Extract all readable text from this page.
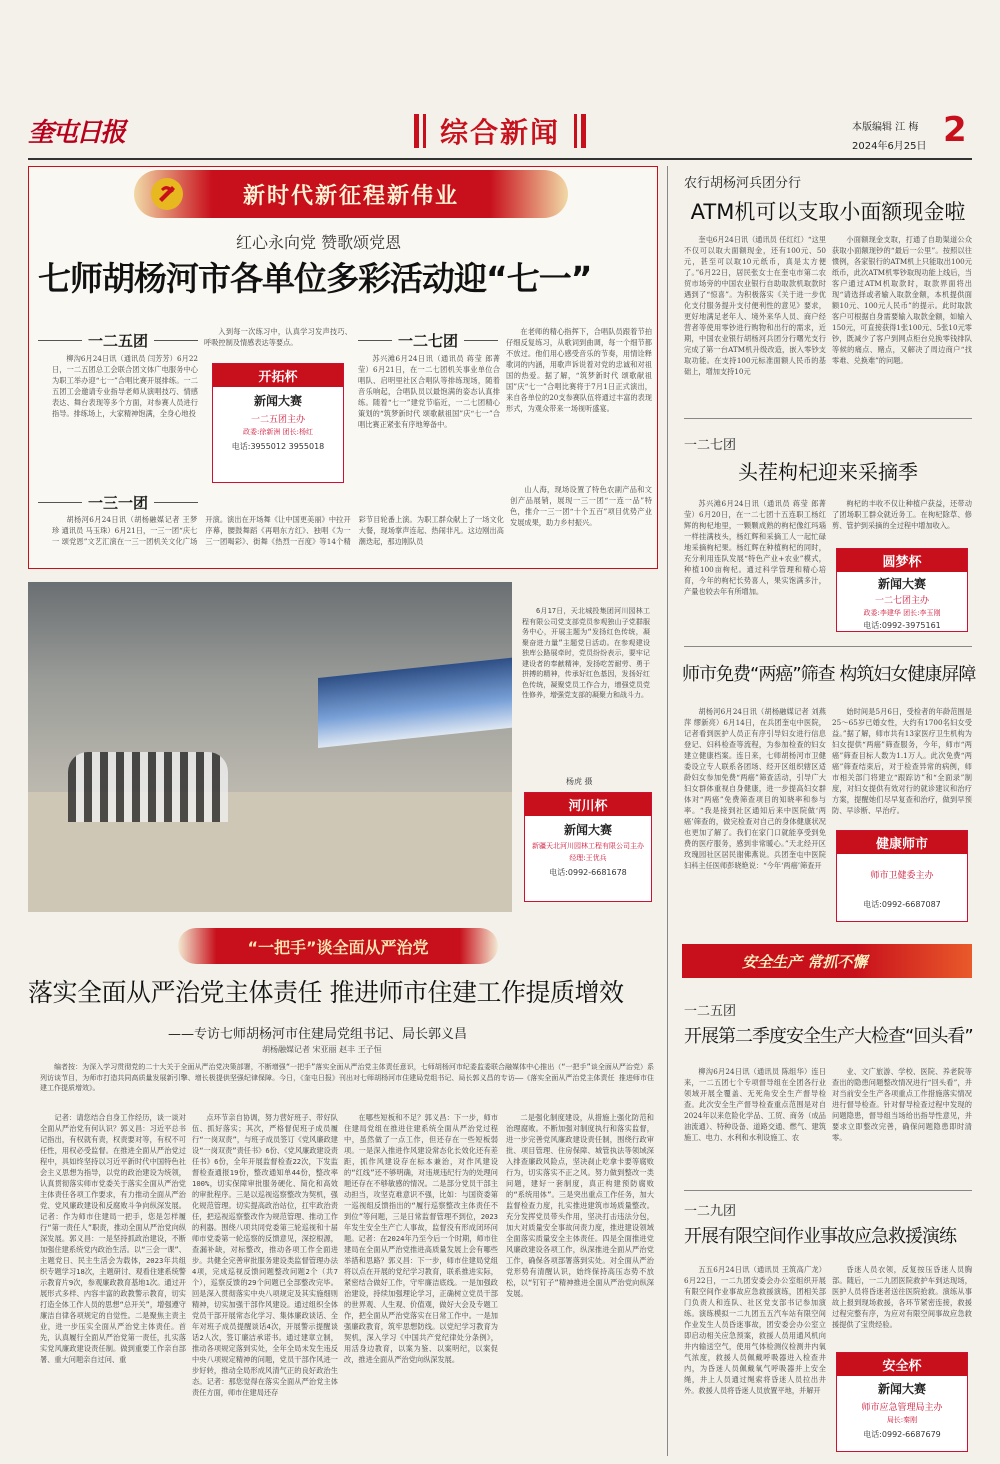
奎屯日报	综合新闻	本版编辑 江 梅
2024年6月25日 2
新时代新征程新伟业
红心永向党 赞歌颂党恩
七师胡杨河市各单位多彩活动迎“七一”
一二五团
柳沟6月24日讯（通讯员 闫芳芳）6月22日，一二五团总工会联合团文体广电服务中心为职工举办迎“七一”合唱比赛开展排练。一二五团工会邀请专业指导老师从演唱技巧、情感表达、舞台表现等多个方面，对参赛人员进行指导。排练场上，大家精神饱满，全身心地投
入到每一次练习中，认真学习发声技巧、呼吸控制及情感表达等要点。
开拓杯
新闻大赛
一二五团主办
政委:徐新洲 团长:杨红
电话:3955012 3955018
一二七团
苏兴滩6月24日讯（通讯员 蒋莹 郎菁莹）6月21日，在一二七团机关事业单位合唱队、启明里社区合唱队等排练现场，随着音乐响起，合唱队员以最饱满的姿态认真排练。随着“七一”建党节临近，一二七团精心策划的“筑梦新时代 颂歌献祖国”庆“七一”合唱比赛正紧张有序地筹备中。
在老师的精心指挥下，合唱队员跟着节拍仔细反复练习，从歌词到曲调，每一个细节都不放过。他们用心感受音乐的节奏，用情诠释歌词的内涵，用歌声诉说着对党的忠诚和对祖国的热爱。据了解，“筑梦新时代 颂歌献祖国”庆“七一”合唱比赛将于7月1日正式演出，来自各单位的20支参赛队伍将通过丰富的表现形式，为观众带来一场视听盛宴。
一三一团
胡杨河6月24日讯（胡杨融媒记者 王梦珍 通讯员 马玉珠）6月21日，一三一团“庆七一 颂党恩”文艺汇演在一三一团机关文化广场开演。演出在开场舞《让中国更美丽》中拉开序幕，腰鼓舞蹈《再唱东方红》、独唱《为一三一团喝彩》、街舞《热烈一百度》等14个精彩节目轮番上演。为职工群众献上了一场文化大餐，现场掌声连起、热闹非凡。这边刚出高潮迭起，那边刚队员
山人海，现场设置了特色农副产品和文创产品展销，展现一三一团“一连一品”特色，推介一三一团“十个五百”项目优势产业发展成果，助力乡村振兴。
6月17日，天北城投集团河川园林工程有限公司党支部党员参观独山子党群服务中心，开展主题为“发扬红色传统，凝聚奋进力量”主题党日活动。在参观建设独库公路展牵时，党员纷纷表示，要牢记建设者的奉献精神，发扬吃苦耐劳、勇于拼搏的精神，传承好红色基因，发扬好红色传统，凝聚党员工作合力，增强党员党性修养，增强党支部的凝聚力和战斗力。
杨虎 摄
河川杯
新闻大赛
新疆天北河川园林工程有限公司主办
经理:王优兵
电话:0992-6681678
“一把手”谈全面从严治党
落实全面从严治党主体责任 推进师市住建工作提质增效
——专访七师胡杨河市住建局党组书记、局长郭义昌
胡杨融媒记者 宋亚丽 赵丰 王子恒
编者按：为深入学习贯彻党的二十大关于全面从严治党决策部署，不断增强“一把手”落实全面从严治党主体责任意识，七师胡杨河市纪委监委联合融媒体中心推出（“一把手”谈全面从严治党）系列访谈节目，为师市打造共同高质量发展新引擎、增长极提供坚强纪律保障。今日，《奎屯日报》刊出对七师胡杨河市住建局党组书记、局长郭义昌的专访——《落实全面从严治党主体责任 推进师市住建工作提质增效》。
记者：请您结合自身工作经历，谈一谈对全面从严治党有何认识？郭义昌：习近平总书记指出，有权就有责，权责要对等，有权不可任性，用权必受监督。在推进全面从严治党过程中，具如终坚持以习近平新时代中国特色社会主义思想为指导，以党的政治建设为统领，认真贯彻落实师市党委关于落实全面从严治党主体责任各项工作要求，有力推动全面从严治党、党风廉政建设和反腐败斗争向纵深发展。记者：作为师市住建局一把手，您是怎样履行“第一责任人”职责，推动全面从严治党向纵深发展。郭义昌：一是坚持抓政治建设，不断加强住建系统党内政治生活。以“三会一课”、主题党日、民主生活会为载体，2023年共组织专题学习18次，主题研讨、观看住建系统警示教育片9次，参观廉政教育基地1次。通过开展形式多样、内容丰富的政教警示教育，切实打造全体工作人员的思想“总开关”，增强遵守廉洁自律各项规定的自觉性。二是聚焦主责主业，进一步压实全面从严治党主体责任。首先，认真履行全面从严治党第一责任，扎实落实党风廉政建设责任制。做到重要工作亲自部署、重大问题亲自过问、重
点环节亲自协调，努力营好班子、带好队伍、抓好落实；其次，严格督促班子成员履行“一岗双责”，与班子成员签订《党风廉政建设“一岗双责”责任书》6份、《党风廉政建设责任书》6份，全年开展监督检查22次，下发监督检查通报19份，整改通知单44份，整改率100%，切实保障审批服务硬化、简化和高效的审批程序。三是以巡视巡察整改为契机，强化规范管理。切实提高政治站位，扛牢政治责任，把巡视巡察整改作为规范管理、推动工作的利器。围绕八项共同党委第三轮巡视和十届师市党委第一轮巡察的反馈意见，深挖根源，查漏补缺，对标整改，推动各项工作全面进步。共健全完善审批服务建设类监督管理办法4项，完成巡视反馈问题整改问题2个（共7个），巡察反馈的29个问题已全部整改完毕。回是深入贯彻落实中央八项规定及其实施细则精神，切实加强干部作风建设。通过组织全体党员干部开展常态化学习、集体廉政谈话、全年对班子成员提醒谈话4次，开展警示提醒谈话2人次，签订廉洁承诺书。通过建章立制，推动各项规定落到实处，全年全局未发生违反中央八项规定精神的问题，党员干部作风进一步好转，推动全局形成风清气正的良好政治生态。记者：那您觉得在落实全面从严治党主体责任方面，师市住建局还存
在哪些短板和不足？郭义昌：下一步，师市住建局党组在推进住建系统全面从严治党过程中，虽然做了一点工作，但还存在一些短板弱项。一是深入推进作风建设常态化长效化还有差距，抓作风建设存在标本兼治，对作风建设的“红线”还不够明确，对违规违纪行为的处理问题还存在不够敏感的情况。二是部分党员干部主动担当，攻坚克难意识不强，比如：与国资委第一巡视组反馈指出的“履行巡察整改主体责任不到位”等问题，三是日常监督管理不到位，2023年发生安全生产亡人事故，监督没有形成闭环问题。记者：在2024年乃至今后一个时期，师市住建局在全面从严治党推进高质量发展上会有哪些举措和思路？郭义昌：下一步，师市住建局党组将以点在开展的党纪学习教育，联系推进实际，紧密结合做好工作，守牢廉洁底线。一是加强政治建设，持续加强理论学习，正确树立党员干部的世界观、人生观、价值观，做好大会及专题工作，把全面从严治党落实在日常工作中。一是加强廉政教育，筑牢思想防线。以党纪学习教育为契机，深入学习《中国共产党纪律处分条例》，用活身边教育，以案为鉴、以案明纪，以案促改，推进全面从严治党向纵深发展。
二是强化制度建设，从措施上强化防范和治理腐败。不断加强对制度执行和落实监督，进一步完善党风廉政建设责任制，围绕行政审批、项目管理、住房保障、城管执法等领域深入排查廉政风险点，坚决刹止吃拿卡要等腐败行为，切实落实不正之风。努力做到整改一类问题，建好一套制度，真正构建预防腐败的“系统用体”。三是突出重点工作任务，加大监督检查力度，扎实推进建筑市场质量整改。充分发挥党员带头作用，坚决打击违法分包，加大对质量安全事故问责力度，推进建设领域全面落实质量安全主体责任。四是全面推进党风廉政建设各项工作，纵深推进全面从严治党工作，确保各项部署落到实处。对全面从严治党形势有清醒认识，始终保持高压态势不放松，以“钉钉子”精神推进全面从严治党向纵深发展。
农行胡杨河兵团分行
ATM机可以支取小面额现金啦
奎屯6月24日讯（通讯员 任红红）“这里不仅可以取大面额现金，还有100元、50元，甚至可以取10元纸币，真是太方便了。”6月22日，居民张女士在奎屯市第二农贸市场旁的中国农业银行自助取款机取款时遇到了“惊喜”。为积极落实《关于进一步优化支付服务提升支付便利性的意见》要求，更好地满足老年人、境外来华人员、商户经营者等使用零钞进行购物和出行的需求，近期，中国农业银行胡杨河兵团分行曙光支行完成了第一台ATM机升级改造，嵌入零钞支取功能。在支持100元标准面额人民币的基础上，增加支持10元
小面额现金支取，打通了自助渠道公众获取小面额现钞的“最后一公里”。按照以往惯例，各家银行的ATM机上只能取出100元纸币，此次ATM机零钞取现功能上线后，当客户通过ATM机取款时，取款界面将出现“请选择或者输入取款金额，本机提供面额10元、100元人民币”的提示。此时取款客户可根据自身需要输入取款金额，如输入150元，可直接获得1张100元、5张10元零钞，既减少了客户到网点柜台兑换零钱排队等候的痛点、赌点，又解决了周边商户“找零难、兑换难”的问题。
一二七团
头茬枸杞迎来采摘季
苏兴滩6月24日讯（通讯员 蒋莹 郎菁莹）6月20日，在一二七团十五连职工杨红辉的枸杞地里，一颗颗成熟的枸杞像红玛瑙一样挂满枝头，杨红辉和采摘工人一起忙碌地采摘枸杞果。杨红辉在种植枸杞的同时，充分利用连队发展“特色产业+农业”模式，种植100亩枸杞。通过科学管理和精心培育，今年的枸杞长势喜人，果实饱满多汁，产量也较去年有所增加。
枸杞的丰收不仅让种植户获益，还带动了团场职工群众就近务工。在枸杞除草、修剪、管护到采摘的全过程中增加收入。
圆梦杯
新闻大赛
一二七团主办
政委:李建华 团长:李玉刚
电话:0992-3975161
师市免费“两癌”筛查 构筑妇女健康屏障
胡杨河6月24日讯（胡杨融媒记者 刘燕萍 缪新亮）6月14日，在兵团奎屯中医院，记者看到医护人员正有序引导妇女进行信息登记、妇科检查等流程，为参加检查的妇女建立健康档案。连日来，七师胡杨河市卫健委设立专人联系各团场、经开区组织辖区适龄妇女参加免费“两癌”筛查活动，引导广大妇女群体重视自身健康，进一步提高妇女群体对“两癌”免费筛查项目的知晓率和参与率。“我是接到社区通知后来中医院做‘两癌’筛查的，做完检查对自己的身体健康状况也更加了解了。我们在家门口就能享受到免费的医疗服务，感到非常暖心。”天北经开区玫瑰园社区居民谢佛燕说。兵团奎屯中医院妇科主任医师彭晓艳说：“今年‘两癌’筛查开
始时间是5月6日，受检者的年龄范围是25～65岁已婚女性，大约有1700名妇女受益。”据了解，师市共有13家医疗卫生机构为妇女提供“两癌”筛查服务，今年，师市“两癌”筛查目标人数为1.1万人。此次免费“两癌”筛查结束后，对于检查异常的病例，师市相关部门将建立“跟踪访”和“全面录”制度，对妇女提供有效对行的就诊建议和治疗方案，提醒她们尽早复查和治疗，做到早预防、早诊断、早治疗。
健康师市
师市卫健委主办
电话:0992-6687087
安全生产 常抓不懈
一二五团
开展第二季度安全生产大检查“回头看”
柳沟6月24日讯（通讯员 陈组华）连日来，一二五团七个专项督导组在全团各行业领域开展全覆盖、无死角安全生产督导检查。此次安全生产督导检查重点范围是对自2024年以来危险化学品、工贸、商务（成品油流通）、特种设备、道路交通、燃气、建筑施工、电力、水利和水利设施工、农
业、文广旅游、学校、医院、养老院等查出的隐患问题整改情况进行“回头看”，并对当前安全生产各项重点工作措施落实情况进行督导检查。针对督导检查过程中发现的问题隐患，督导组当场给出指导性意见，并要求立即整改完善，确保问题隐患即时清零。
一二九团
开展有限空间作业事故应急救援演练
五五6月24日讯（通讯员 王筑高广龙）6月22日，一二九团安委会办公室组织开展有限空间作业事故应急救援演练，团相关部门负责人和连队、社区党支部书记参加演练。演练模拟一二九团五五汽车站有限空间作业发生人员昏迷事故，团安委会办公室立即启动相关应急预案，救援人员用通风机向井内输送空气，使用气体检测仪检测井内氧气浓度，救援人员佩戴呼吸器进入检查井内，为昏迷人员佩戴氧气呼吸器并上安全绳，井上人员通过绳索将昏迷人员拉出井外。救援人员将昏迷人员放置平地，并解开
昏迷人员衣领，反复按压昏迷人员胸部。随后，一二九团医院救护车到达现场，医护人员将昏迷者送往医院抢救。演练从事故上报到现场救援，各环节紧密连接，救援过程完整有序，为应对有限空间事故应急救援提供了宝贵经验。
安全杯
新闻大赛
师市应急管理局主办
局长:秦刚
电话:0992-6687679
